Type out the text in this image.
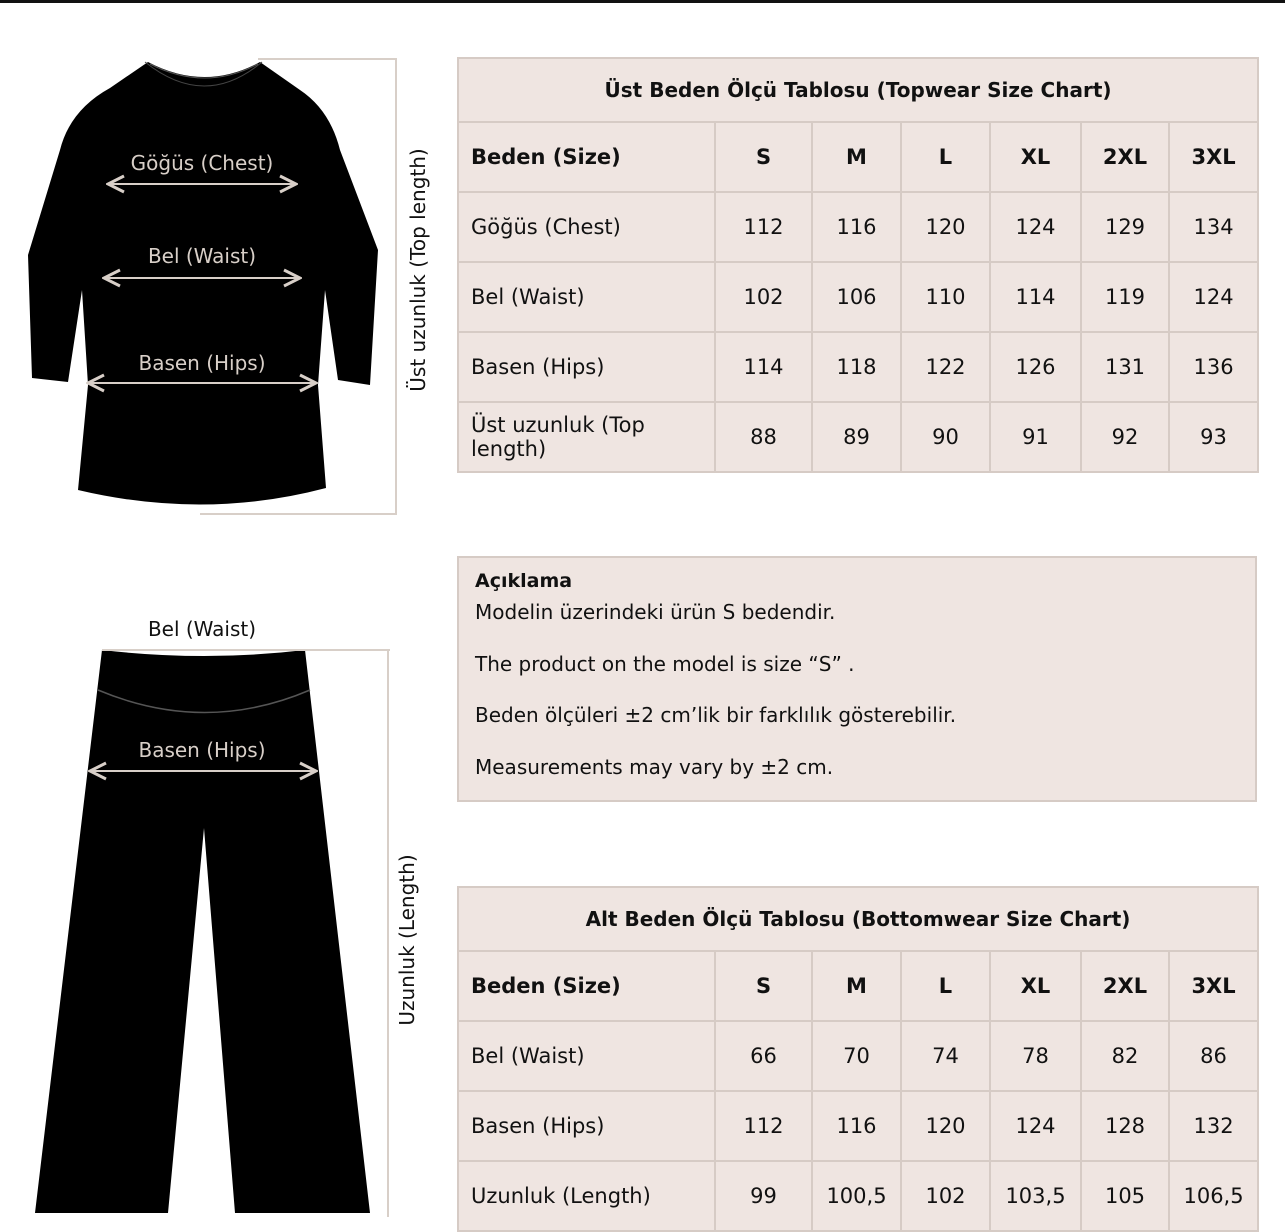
Göğüs (Chest)
Bel (Waist)
Basen (Hips)	Üst uzunluk (Top length)
Bel (Waist)
Basen (Hips)
Uzunluk (Length)
Üst Beden Ölçü Tablosu (Topwear Size Chart)						
Beden (Size)	S	M	L	XL	2XL	3XL
Göğüs (Chest)	112	116	120	124	129	134
Bel (Waist)	102	106	110	114	119	124
Basen (Hips)	114	118	122	126	131	136
Üst uzunluk (Top length)	88	89	90	91	92	93
Açıklama
Modelin üzerindeki ürün S bedendir.
The product on the model is size “S” .
Beden ölçüleri ±2 cm’lik bir farklılık gösterebilir.
Measurements may vary by ±2 cm.
Alt Beden Ölçü Tablosu (Bottomwear Size Chart)						
Beden (Size)	S	M	L	XL	2XL	3XL
Bel (Waist)	66	70	74	78	82	86
Basen (Hips)	112	116	120	124	128	132
Uzunluk (Length)	99	100,5	102	103,5	105	106,5
